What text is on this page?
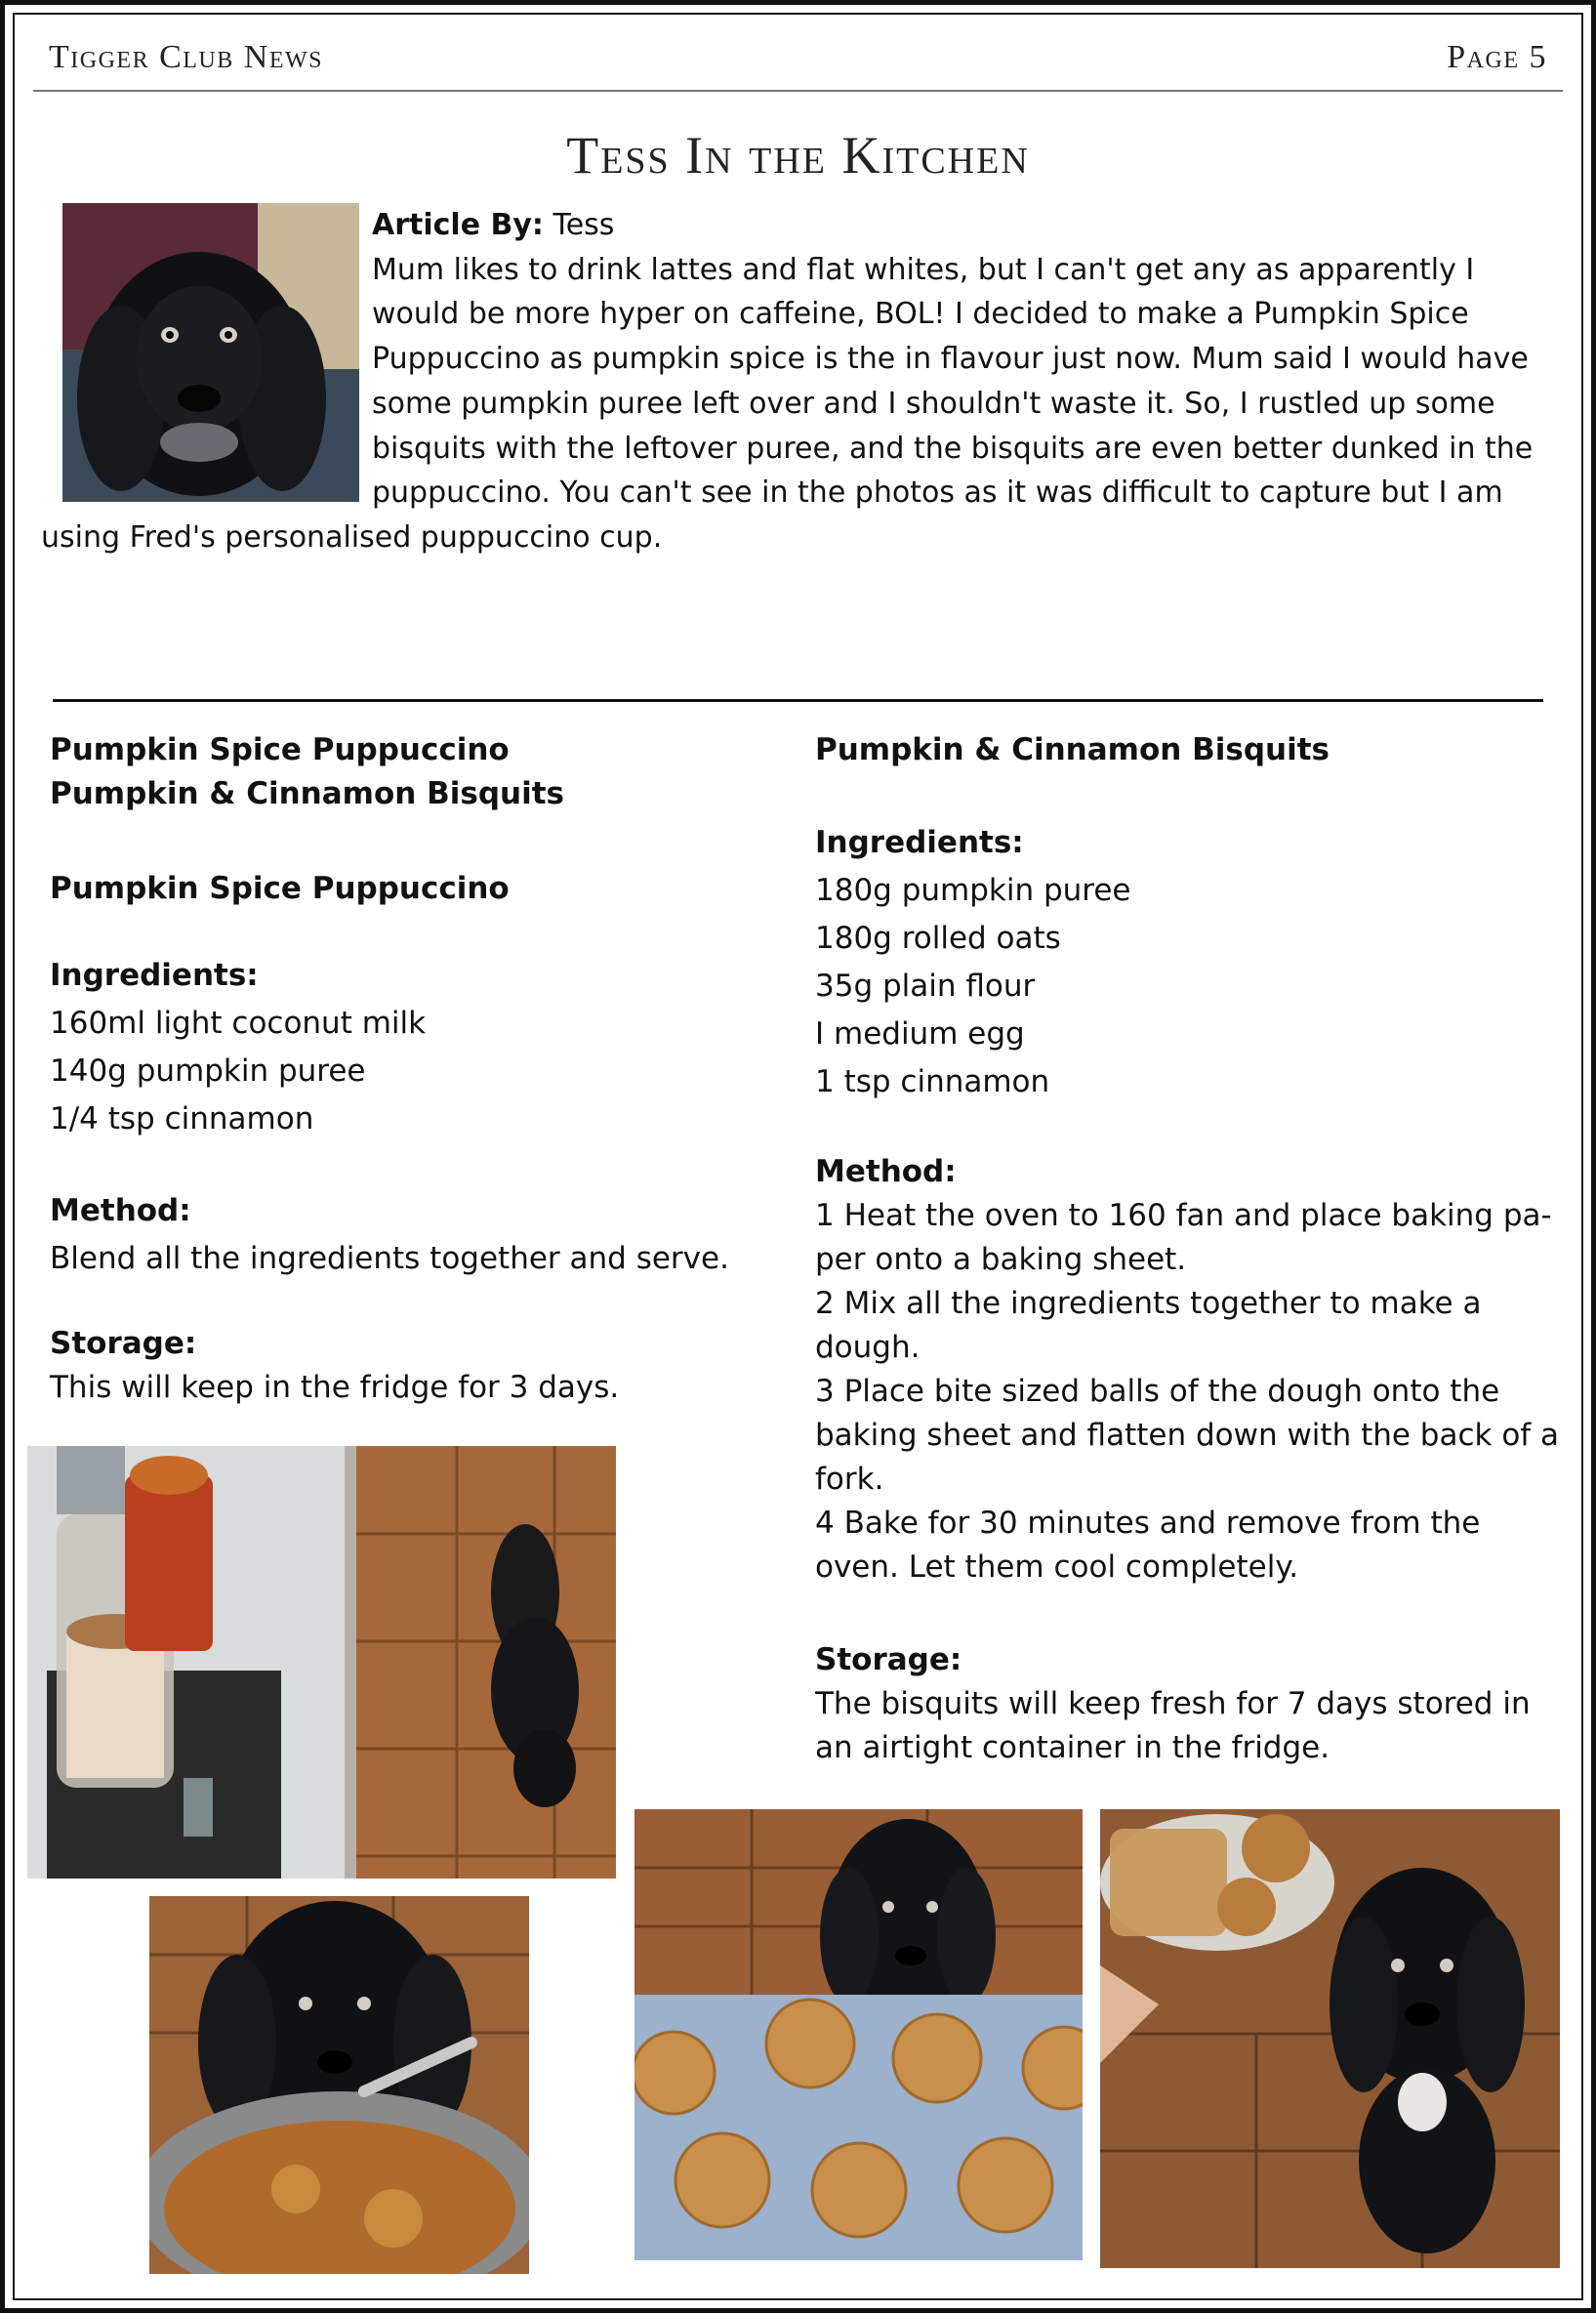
Tigger Club News	Page 5
Tess In the Kitchen
Article By: Tess
Mum likes to drink lattes and flat whites, but I can't get any as apparently I would be more hyper on caffeine, BOL! I decided to make a Pumpkin Spice Puppuccino as pumpkin spice is the in flavour just now. Mum said I would have some pumpkin puree left over and I shouldn't waste it. So, I rustled up some bisquits with the leftover puree, and the bisquits are even better dunked in the puppuccino. You can't see in the photos as it was difficult to capture but I am using Fred's personalised puppuccino cup.
Pumpkin Spice Puppuccino
Pumpkin & Cinnamon Bisquits
Pumpkin Spice Puppuccino
Ingredients:
160ml light coconut milk
140g pumpkin puree
1/4 tsp cinnamon
Method:
Blend all the ingredients together and serve.
Storage:
This will keep in the fridge for 3 days.
Pumpkin & Cinnamon Bisquits
Ingredients:
180g pumpkin puree
180g rolled oats
35g plain flour
I medium egg
1 tsp cinnamon
Method:
1 Heat the oven to 160 fan and place baking pa-
per onto a baking sheet.
2 Mix all the ingredients together to make a
dough.
3 Place bite sized balls of the dough onto the
baking sheet and flatten down with the back of a
fork.
4 Bake for 30 minutes and remove from the
oven. Let them cool completely.
Storage:
The bisquits will keep fresh for 7 days stored in
an airtight container in the fridge.
